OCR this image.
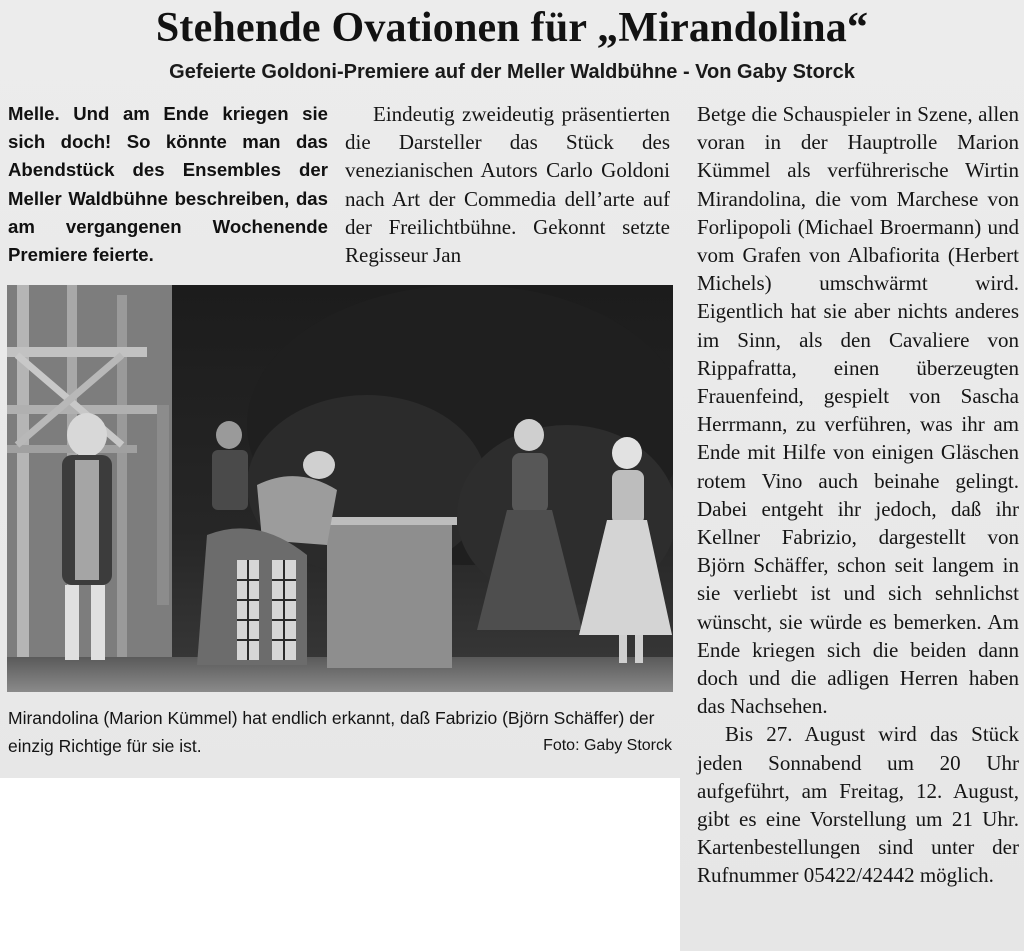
Stehende Ovationen für „Mirandolina“
Gefeierte Goldoni-Premiere auf der Meller Waldbühne - Von Gaby Storck
Melle. Und am Ende kriegen sie sich doch! So könnte man das Abendstück des Ensembles der Meller Waldbühne beschreiben, das am vergangenen Wochenende Premiere feierte.

Eindeutig zweideutig präsentierten die Darsteller das Stück des venezianischen Autors Carlo Goldoni nach Art der Commedia dell’arte auf der Freilichtbühne. Gekonnt setzte Regisseur Jan

Betge die Schauspieler in Szene, allen voran in der Hauptrolle Marion Kümmel als verführerische Wirtin Mirandolina, die vom Marchese von Forlipopoli (Michael Broermann) und vom Grafen von Albafiorita (Herbert Michels) umschwärmt wird. Eigentlich hat sie aber nichts anderes im Sinn, als den Cavaliere von Rippafratta, einen überzeugten Frauenfeind, gespielt von Sascha Herrmann, zu verführen, was ihr am Ende mit Hilfe von einigen Gläschen rotem Vino auch beinahe gelingt. Dabei entgeht ihr jedoch, daß ihr Kellner Fabrizio, dargestellt von Björn Schäffer, schon seit langem in sie verliebt ist und sich sehnlichst wünscht, sie würde es bemerken. Am Ende kriegen sich die beiden dann doch und die adligen Herren haben das Nachsehen.

Bis 27. August wird das Stück jeden Sonnabend um 20 Uhr aufgeführt, am Freitag, 12. August, gibt es eine Vorstellung um 21 Uhr. Kartenbestellungen sind unter der Rufnummer 05422/42442 möglich.

Mirandolina (Marion Kümmel) hat endlich erkannt, daß Fabrizio (Björn Schäffer) der einzig Richtige für sie ist.	Foto: Gaby Storck
